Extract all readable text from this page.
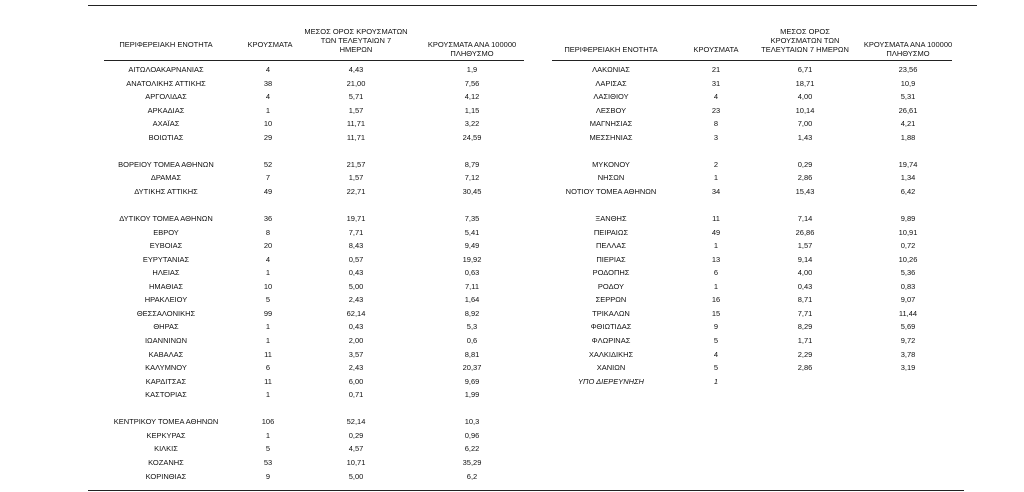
ΠΕΡΙΦΕΡΕΙΑΚΗ ΕΝΟΤΗΤΑ	ΚΡΟΥΣΜΑΤΑ
ΜΕΣΟΣ ΟΡΟΣ ΚΡΟΥΣΜΑΤΩΝ
ΤΩΝ ΤΕΛΕΥΤΑΙΩΝ 7
ΗΜΕΡΩΝ
ΚΡΟΥΣΜΑΤΑ ΑΝΑ 100000
ΠΛΗΘΥΣΜΟ	ΠΕΡΙΦΕΡΕΙΑΚΗ ΕΝΟΤΗΤΑ	ΚΡΟΥΣΜΑΤΑ
ΜΕΣΟΣ ΟΡΟΣ
ΚΡΟΥΣΜΑΤΩΝ ΤΩΝ
ΤΕΛΕΥΤΑΙΩΝ 7 ΗΜΕΡΩΝ
ΚΡΟΥΣΜΑΤΑ ΑΝΑ 100000
ΠΛΗΘΥΣΜΟ
ΑΙΤΩΛΟΑΚΑΡΝΑΝΙΑΣ	4	4,43	1,9
ΑΝΑΤΟΛΙΚΗΣ ΑΤΤΙΚΗΣ	38	21,00	7,56
ΑΡΓΟΛΙΔΑΣ	4	5,71	4,12
ΑΡΚΑΔΙΑΣ	1	1,57	1,15
ΑΧΑΪΑΣ	10	11,71	3,22
ΒΟΙΩΤΙΑΣ	29	11,71	24,59
ΒΟΡΕΙΟΥ ΤΟΜΕΑ ΑΘΗΝΩΝ	52	21,57	8,79
ΔΡΑΜΑΣ	7	1,57	7,12
ΔΥΤΙΚΗΣ ΑΤΤΙΚΗΣ	49	22,71	30,45
ΔΥΤΙΚΟΥ ΤΟΜΕΑ ΑΘΗΝΩΝ	36	19,71	7,35
ΕΒΡΟΥ	8	7,71	5,41
ΕΥΒΟΙΑΣ	20	8,43	9,49
ΕΥΡΥΤΑΝΙΑΣ	4	0,57	19,92
ΗΛΕΙΑΣ	1	0,43	0,63
ΗΜΑΘΙΑΣ	10	5,00	7,11
ΗΡΑΚΛΕΙΟΥ	5	2,43	1,64
ΘΕΣΣΑΛΟΝΙΚΗΣ	99	62,14	8,92
ΘΗΡΑΣ	1	0,43	5,3
ΙΩΑΝΝΙΝΩΝ	1	2,00	0,6
ΚΑΒΑΛΑΣ	11	3,57	8,81
ΚΑΛΥΜΝΟΥ	6	2,43	20,37
ΚΑΡΔΙΤΣΑΣ	11	6,00	9,69
ΚΑΣΤΟΡΙΑΣ	1	0,71	1,99
ΚΕΝΤΡΙΚΟΥ ΤΟΜΕΑ ΑΘΗΝΩΝ	106	52,14	10,3
ΚΕΡΚΥΡΑΣ	1	0,29	0,96
ΚΙΛΚΙΣ	5	4,57	6,22
ΚΟΖΑΝΗΣ	53	10,71	35,29
ΚΟΡΙΝΘΙΑΣ	9	5,00	6,2
ΛΑΚΩΝΙΑΣ	21	6,71	23,56
ΛΑΡΙΣΑΣ	31	18,71	10,9
ΛΑΣΙΘΙΟΥ	4	4,00	5,31
ΛΕΣΒΟΥ	23	10,14	26,61
ΜΑΓΝΗΣΙΑΣ	8	7,00	4,21
ΜΕΣΣΗΝΙΑΣ	3	1,43	1,88
ΜΥΚΟΝΟΥ	2	0,29	19,74
ΝΗΣΩΝ	1	2,86	1,34
ΝΟΤΙΟΥ ΤΟΜΕΑ ΑΘΗΝΩΝ	34	15,43	6,42
ΞΑΝΘΗΣ	11	7,14	9,89
ΠΕΙΡΑΙΩΣ	49	26,86	10,91
ΠΕΛΛΑΣ	1	1,57	0,72
ΠΙΕΡΙΑΣ	13	9,14	10,26
ΡΟΔΟΠΗΣ	6	4,00	5,36
ΡΟΔΟΥ	1	0,43	0,83
ΣΕΡΡΩΝ	16	8,71	9,07
ΤΡΙΚΑΛΩΝ	15	7,71	11,44
ΦΘΙΩΤΙΔΑΣ	9	8,29	5,69
ΦΛΩΡΙΝΑΣ	5	1,71	9,72
ΧΑΛΚΙΔΙΚΗΣ	4	2,29	3,78
ΧΑΝΙΩΝ	5	2,86	3,19
ΥΠΟ ΔΙΕΡΕΥΝΗΣΗ	1
